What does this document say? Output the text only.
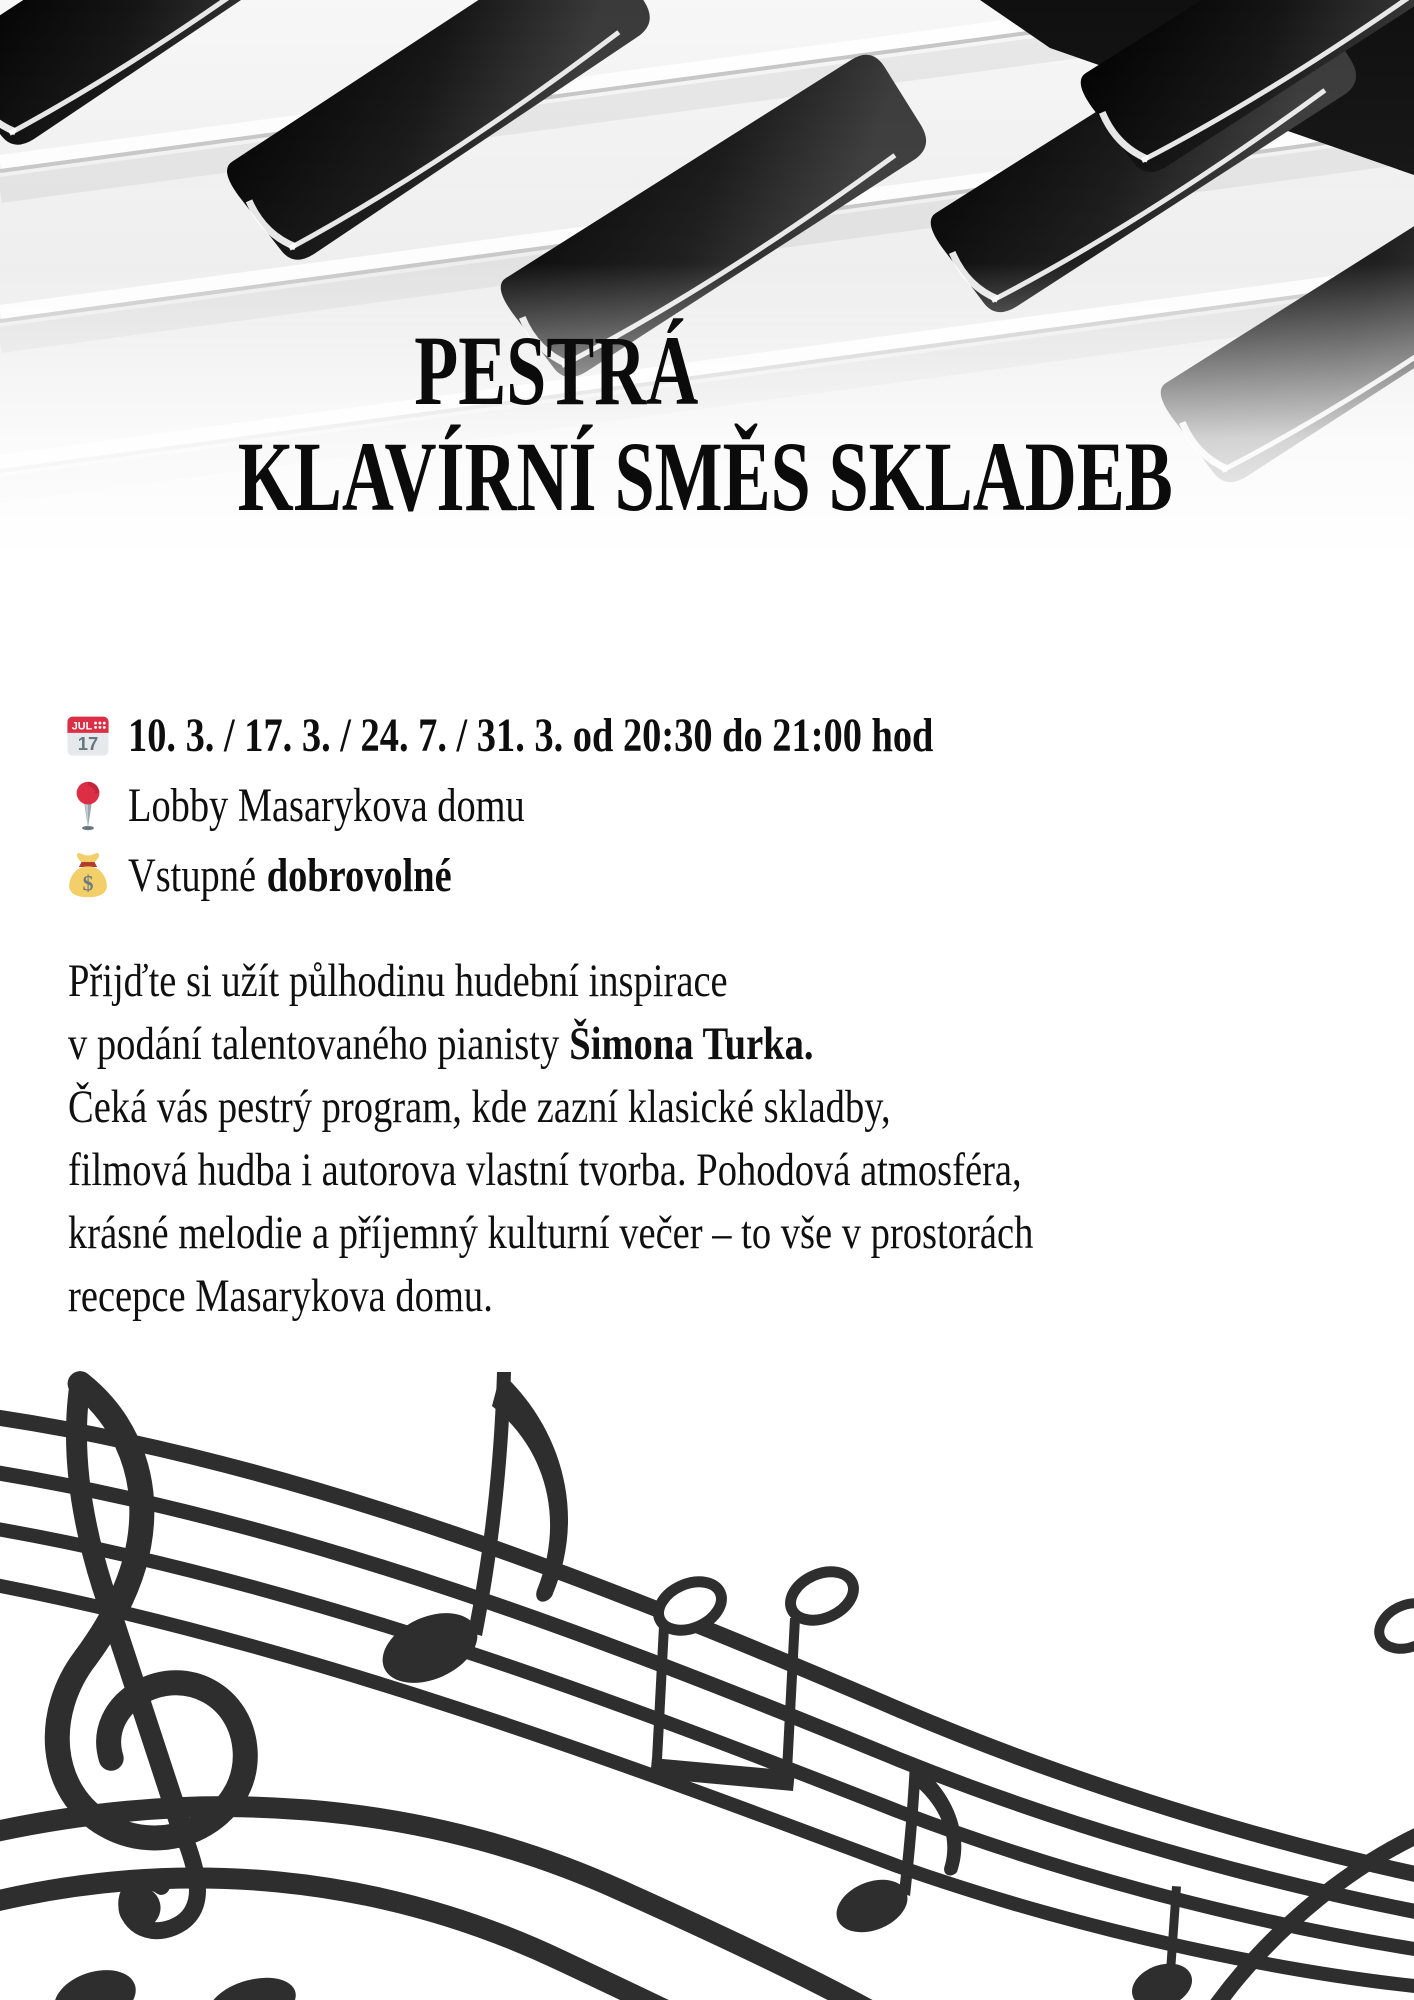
PESTRÁ
KLAVÍRNÍ SMĚS SKLADEB
JUL
17 10. 3. / 17. 3. / 24. 7. / 31. 3. od 20:30 do 21:00 hod
Lobby Masarykova domu
$ Vstupné dobrovolné
Přijďte si užít půlhodinu hudební inspirace
v podání talentovaného pianisty Šimona Turka.
Čeká vás pestrý program, kde zazní klasické skladby,
filmová hudba i autorova vlastní tvorba. Pohodová atmosféra,
krásné melodie a příjemný kulturní večer – to vše v prostorách
recepce Masarykova domu.
